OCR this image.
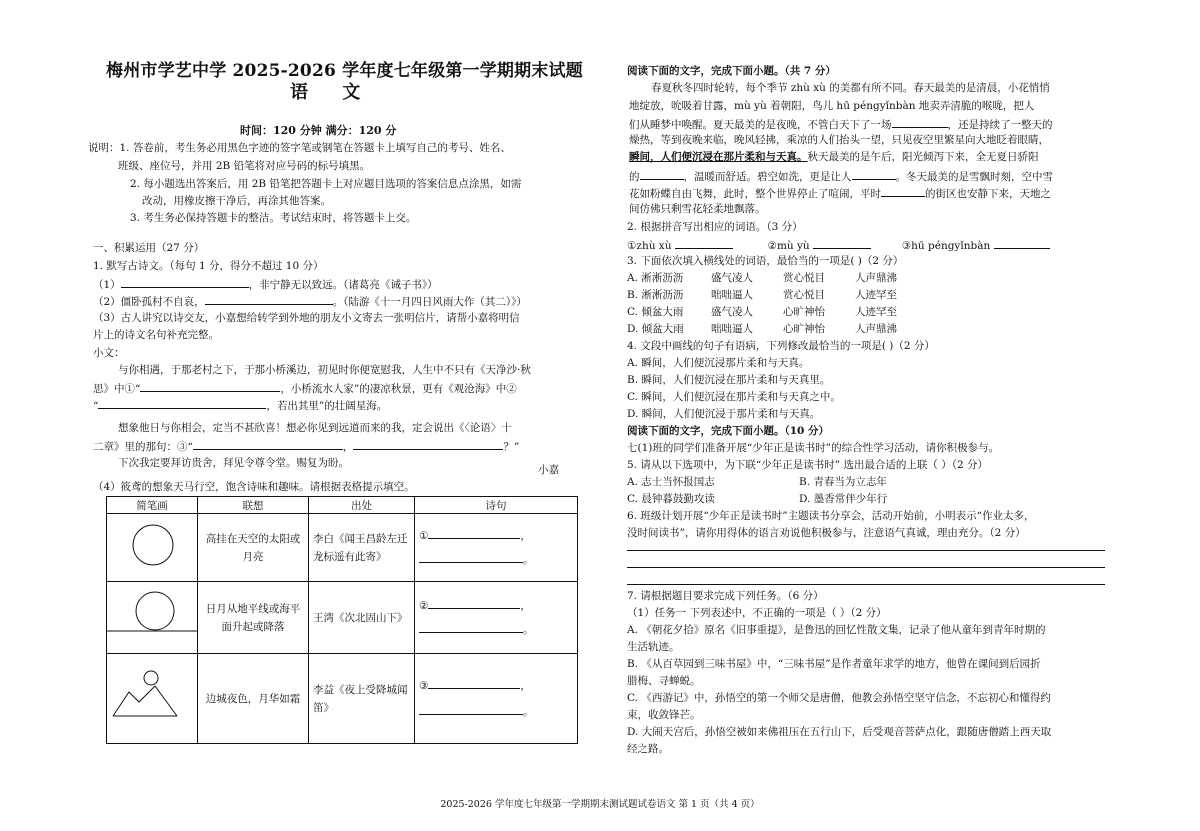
梅州市学艺中学 2025-2026 学年度七年级第一学期期末试题
语 文
时间：120 分钟 满分：120 分
说明：1. 答卷前，考生务必用黑色字迹的签字笔或钢笔在答题卡上填写自己的考号、姓名、
班级、座位号，并用 2B 铅笔将对应号码的标号填黑。
2. 每小题选出答案后，用 2B 铅笔把答题卡上对应题目选项的答案信息点涂黑，如需
改动，用橡皮擦干净后，再涂其他答案。
3. 考生务必保持答题卡的整洁。考试结束时，将答题卡上交。
一、积累运用（27 分）
1. 默写古诗文。（每句 1 分，得分不超过 10 分）
（1）	，非宁静无以致远。（诸葛亮《诫子书》）
（2）僵卧孤村不自哀，	。（陆游《十一月四日风雨大作（其二）》）
（3）古人讲究以诗交友，小嘉想给转学到外地的朋友小文寄去一张明信片，请帮小嘉将明信
片上的诗文名句补充完整。
小文：
与你相遇，于那老村之下，于那小桥溪边，初见时你便宽慰我，人生中不只有《天净沙·秋
思》中①“	，小桥流水人家”的凄凉秋景，更有《观沧海》中②
“	，若出其里”的壮阔星海。
想象他日与你相会，定当不甚欣喜！想必你见到远道而来的我，定会说出《〈论语〉十
二章》里的那句：③“	，	？”
下次我定要拜访贵舍，拜见令尊令堂。赐复为盼。
小嘉
（4）筱鸢的想象天马行空，饱含诗味和趣味。请根据表格提示填空。
简笔画	联想	出处	诗句

高挂在天空的太阳或月亮	李白《闻王昌龄左迁龙标遥有此寄》	① ，
。

日月从地平线或海平面升起或降落	王湾《次北固山下》	② ，
。

边城夜色，月华如霜	李益《夜上受降城闻笛》	③ ，
。
阅读下面的文字，完成下面小题。（共 7 分）
春夏秋冬四时轮转，每个季节 zhù xù 的美都有所不同。春天最美的是清晨，小花悄悄
地绽放，吮吸着甘露，mù yù 着朝阳，鸟儿 hū péngyǐnbàn 地卖弄清脆的喉咙，把人
们从睡梦中唤醒。夏天最美的是夜晚，不管白天下了一场	，还是持续了一整天的
燥热，等到夜晚来临，晚风轻拂，乘凉的人们抬头一望，只见夜空里繁星向大地眨着眼睛，
瞬间，人们便沉浸在那片柔和与天真。秋天最美的是午后，阳光倾泻下来，全无夏日骄阳
的	，温暖而舒适。碧空如洗，更是让人	。冬天最美的是雪飘时刻，空中雪
花如粉蝶自由飞舞，此时，整个世界停止了喧闹，平时	的街区也安静下来，天地之
间仿佛只剩雪花轻柔地飘落。
2. 根据拼音写出相应的词语。（3 分）
①zhù xù	②mù yù	③hū péngyǐnbàn
3. 下面依次填入横线处的词语，最恰当的一项是( )（2 分）
A. 淅淅沥沥	盛气凌人	赏心悦目	人声鼎沸
B. 淅淅沥沥	咄咄逼人	赏心悦目	人迹罕至
C. 倾盆大雨	盛气凌人	心旷神怡	人迹罕至
D. 倾盆大雨	咄咄逼人	心旷神怡	人声鼎沸
4. 文段中画线的句子有语病，下列修改最恰当的一项是( )（2 分）
A. 瞬间，人们便沉浸那片柔和与天真。
B. 瞬间，人们便沉浸在那片柔和与天真里。
C. 瞬间，人们便沉浸在那片柔和与天真之中。
D. 瞬间，人们便沉浸于那片柔和与天真。
阅读下面的文字，完成下面小题。（10 分）
七(1)班的同学们准备开展“少年正是读书时”的综合性学习活动，请你积极参与。
5. 请从以下选项中，为下联“少年正是读书时” 选出最合适的上联（ ）（2 分）
A. 志士当怀报国志	B. 青春当为立志年
C. 晨钟暮鼓勤攻读	D. 墨香常伴少年行
6. 班级计划开展“少年正是读书时”主题读书分享会，活动开始前，小明表示“作业太多，
没时间读书”，请你用得体的语言劝说他积极参与，注意语气真诚，理由充分。（2 分）
7. 请根据题目要求完成下列任务。（6 分）
（1）任务一 下列表述中，不正确的一项是（ ）（2 分）
A. 《朝花夕拾》原名《旧事重提》，是鲁迅的回忆性散文集，记录了他从童年到青年时期的
生活轨迹。
B. 《从百草园到三味书屋》中，“三味书屋”是作者童年求学的地方，他曾在课间到后园折
腊梅、寻蝉蜕。
C. 《西游记》中，孙悟空的第一个师父是唐僧，他教会孙悟空坚守信念，不忘初心和懂得约
束，收敛锋芒。
D. 大闹天宫后，孙悟空被如来佛祖压在五行山下，后受观音菩萨点化，跟随唐僧踏上西天取
经之路。
2025-2026 学年度七年级第一学期期末测试题试卷语文 第 1 页（共 4 页）
